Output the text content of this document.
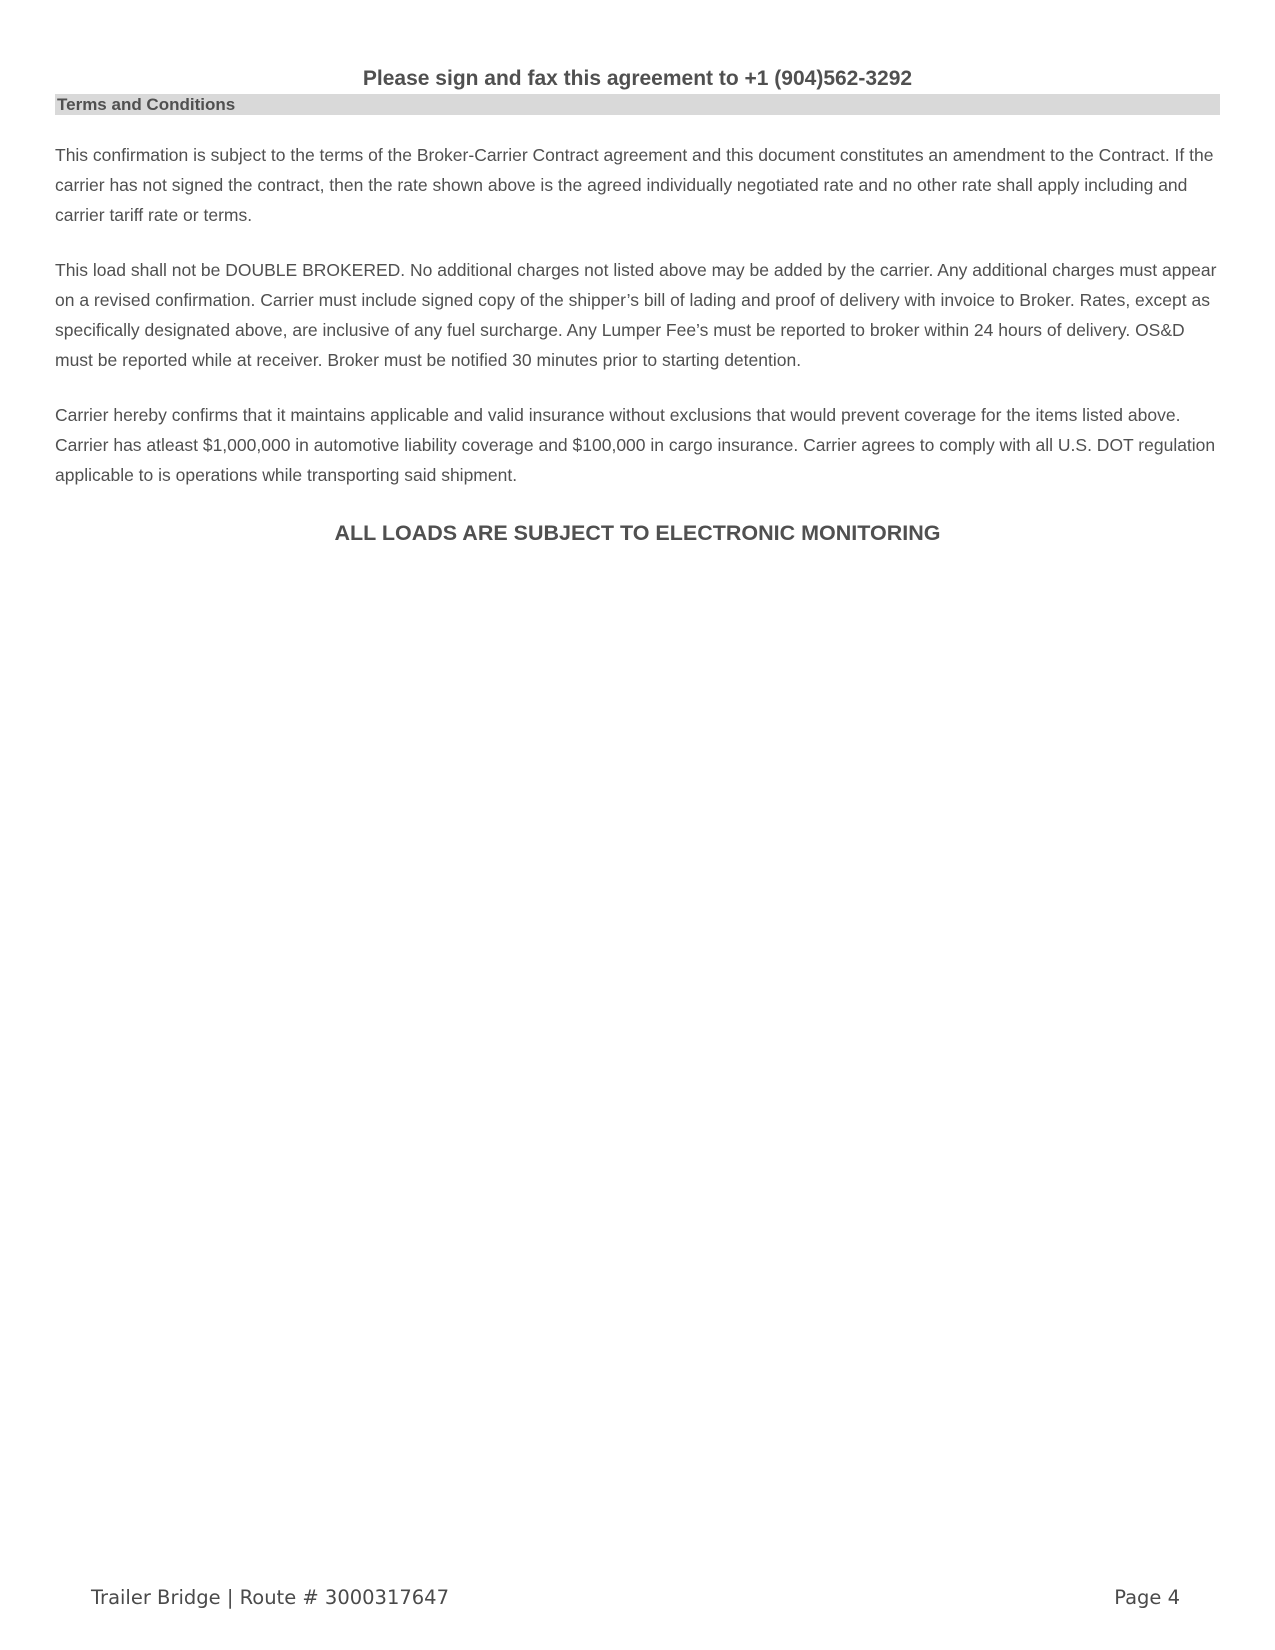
Please sign and fax this agreement to +1 (904)562-3292
Terms and Conditions

This confirmation is subject to the terms of the Broker-Carrier Contract agreement and this document constitutes an amendment to the Contract. If the carrier has not signed the contract, then the rate shown above is the agreed individually negotiated rate and no other rate shall apply including and carrier tariff rate or terms.

This load shall not be DOUBLE BROKERED. No additional charges not listed above may be added by the carrier. Any additional charges must appear on a revised confirmation. Carrier must include signed copy of the shipper’s bill of lading and proof of delivery with invoice to Broker. Rates, except as specifically designated above, are inclusive of any fuel surcharge. Any Lumper Fee’s must be reported to broker within 24 hours of delivery. OS&D must be reported while at receiver. Broker must be notified 30 minutes prior to starting detention.

Carrier hereby confirms that it maintains applicable and valid insurance without exclusions that would prevent coverage for the items listed above. Carrier has atleast $1,000,000 in automotive liability coverage and $100,000 in cargo insurance. Carrier agrees to comply with all U.S. DOT regulation applicable to is operations while transporting said shipment.

ALL LOADS ARE SUBJECT TO ELECTRONIC MONITORING
Trailer Bridge | Route # 3000317647	Page 4
